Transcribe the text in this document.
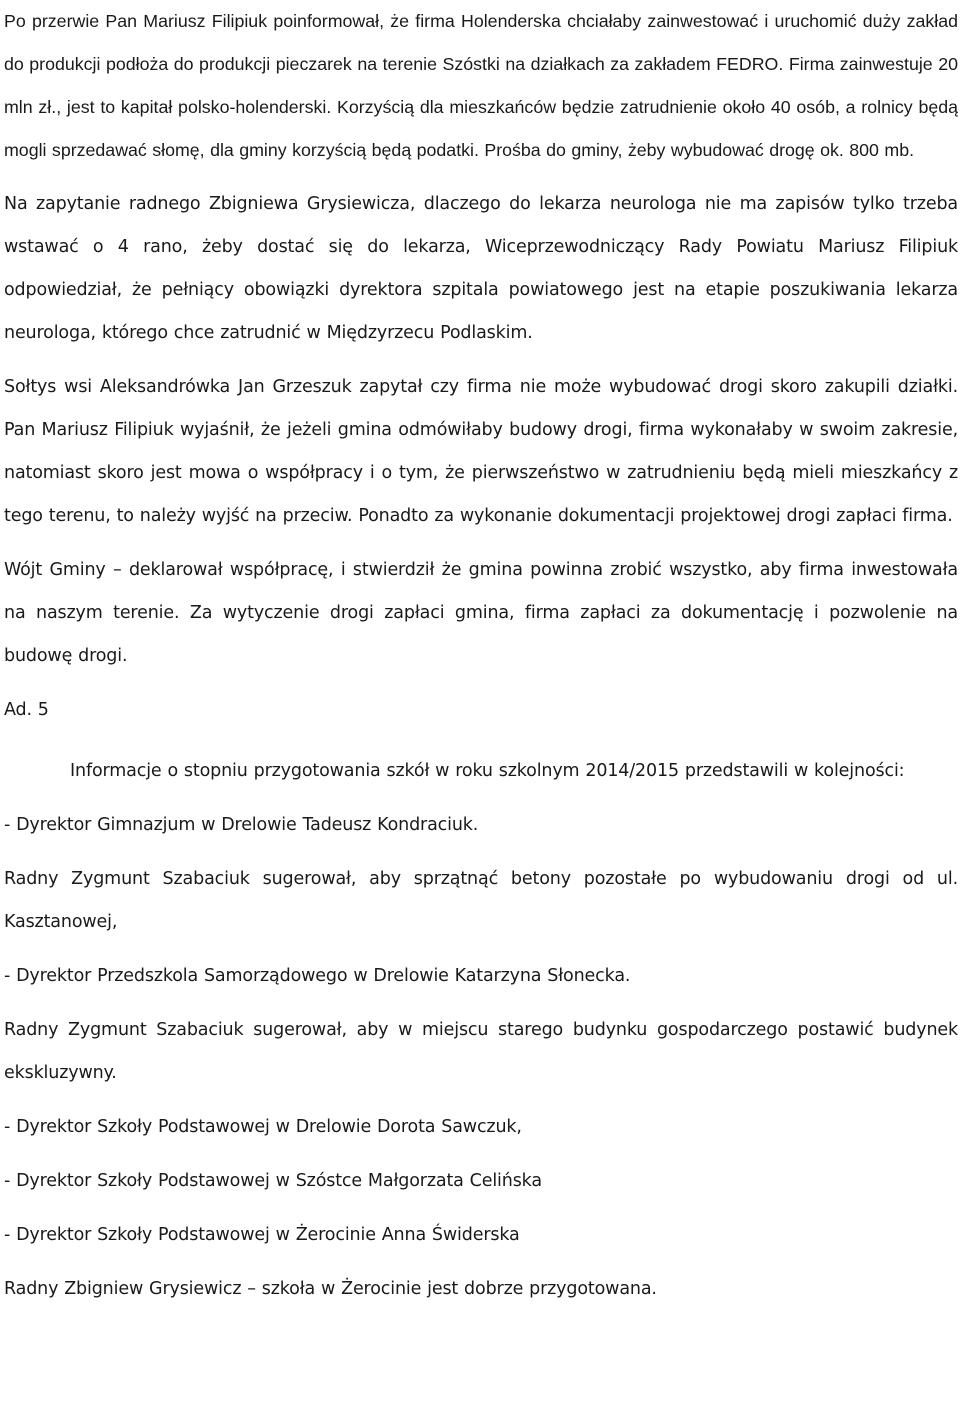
Po przerwie Pan Mariusz Filipiuk poinformował, że firma Holenderska chciałaby zainwestować i uruchomić duży zakład do produkcji podłoża do produkcji pieczarek na terenie Szóstki na działkach za zakładem FEDRO. Firma zainwestuje 20 mln zł., jest to kapitał polsko-holenderski. Korzyścią dla mieszkańców będzie zatrudnienie około 40 osób, a rolnicy będą mogli sprzedawać słomę, dla gminy korzyścią będą podatki. Prośba do gminy, żeby wybudować drogę ok. 800 mb.

Na zapytanie radnego Zbigniewa Grysiewicza, dlaczego do lekarza neurologa nie ma zapisów tylko trzeba wstawać o 4 rano, żeby dostać się do lekarza, Wiceprzewodniczący Rady Powiatu Mariusz Filipiuk odpowiedział, że pełniący obowiązki dyrektora szpitala powiatowego jest na etapie poszukiwania lekarza neurologa, którego chce zatrudnić w Międzyrzecu Podlaskim.

Sołtys wsi Aleksandrówka Jan Grzeszuk zapytał czy firma nie może wybudować drogi skoro zakupili działki. Pan Mariusz Filipiuk wyjaśnił, że jeżeli gmina odmówiłaby budowy drogi, firma wykonałaby w swoim zakresie, natomiast skoro jest mowa o współpracy i o tym, że pierwszeństwo w zatrudnieniu będą mieli mieszkańcy z tego terenu, to należy wyjść na przeciw. Ponadto za wykonanie dokumentacji projektowej drogi zapłaci firma.

Wójt Gminy – deklarował współpracę, i stwierdził że gmina powinna zrobić wszystko, aby firma inwestowała na naszym terenie. Za wytyczenie drogi zapłaci gmina, firma zapłaci za dokumentację i pozwolenie na budowę drogi.

Ad. 5

Informacje o stopniu przygotowania szkół w roku szkolnym 2014/2015 przedstawili w kolejności:

- Dyrektor Gimnazjum w Drelowie Tadeusz Kondraciuk.

Radny Zygmunt Szabaciuk sugerował, aby sprzątnąć betony pozostałe po wybudowaniu drogi od ul. Kasztanowej,

- Dyrektor Przedszkola Samorządowego w Drelowie Katarzyna Słonecka.

Radny Zygmunt Szabaciuk sugerował, aby w miejscu starego budynku gospodarczego postawić budynek ekskluzywny.

- Dyrektor Szkoły Podstawowej w Drelowie Dorota Sawczuk,

- Dyrektor Szkoły Podstawowej w Szóstce Małgorzata Celińska

- Dyrektor Szkoły Podstawowej w Żerocinie Anna Świderska

Radny Zbigniew Grysiewicz – szkoła w Żerocinie jest dobrze przygotowana.
